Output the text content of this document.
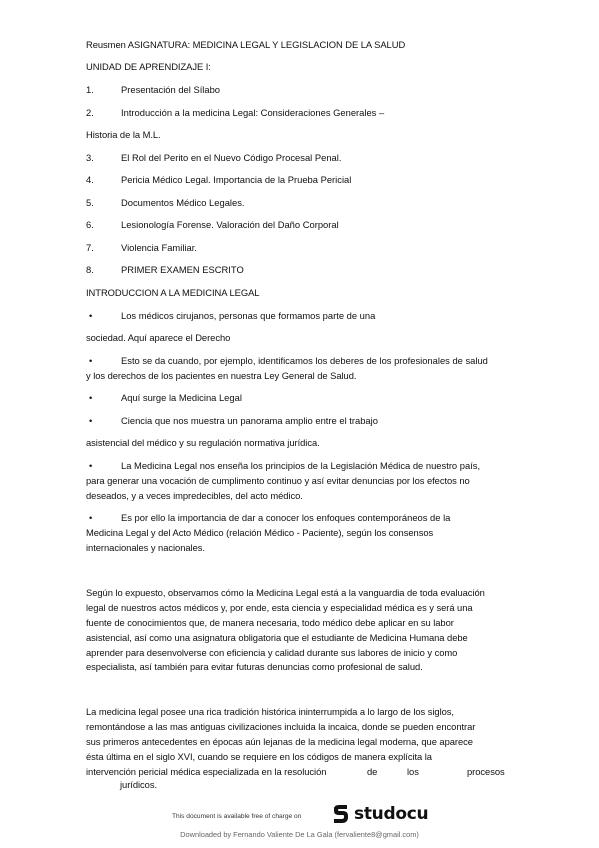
Reusmen ASIGNATURA: MEDICINA LEGAL Y LEGISLACION DE LA SALUD
UNIDAD DE APRENDIZAJE I:
1.	Presentación del Sílabo
2.	Introducción a la medicina Legal: Consideraciones Generales –
Historia de la M.L.
3.	El Rol del Perito en el Nuevo Código Procesal Penal.
4.	Pericia Médico Legal. Importancia de la Prueba Pericial
5.	Documentos Médico Legales.
6.	Lesionología Forense. Valoración del Daño Corporal
7.	Violencia Familiar.
8.	PRIMER EXAMEN ESCRITO
INTRODUCCION A LA MEDICINA LEGAL
•	Los médicos cirujanos, personas que formamos parte de una
sociedad. Aquí aparece el Derecho
•	Esto se da cuando, por ejemplo, identificamos los deberes de los profesionales de salud
y los derechos de los pacientes en nuestra Ley General de Salud.
•	Aquí surge la Medicina Legal
•	Ciencia que nos muestra un panorama amplio entre el trabajo
asistencial del médico y su regulación normativa jurídica.
•	La Medicina Legal nos enseña los principios de la Legislación Médica de nuestro país,
para generar una vocación de cumplimento continuo y así evitar denuncias por los efectos no
deseados, y a veces impredecibles, del acto médico.
•	Es por ello la importancia de dar a conocer los enfoques contemporáneos de la
Medicina Legal y del Acto Médico (relación Médico - Paciente), según los consensos
internacionales y nacionales.
Según lo expuesto, observamos cómo la Medicina Legal está a la vanguardia de toda evaluación
legal de nuestros actos médicos y, por ende, esta ciencia y especialidad médica es y será una
fuente de conocimientos que, de manera necesaria, todo médico debe aplicar en su labor
asistencial, así como una asignatura obligatoria que el estudiante de Medicina Humana debe
aprender para desenvolverse con eficiencia y calidad durante sus labores de inicio y como
especialista, así también para evitar futuras denuncias como profesional de salud.
La medicina legal posee una rica tradición histórica ininterrumpida a lo largo de los siglos,
remontándose a las mas antiguas civilizaciones incluida la incaica, donde se pueden encontrar
sus primeros antecedentes en épocas aún lejanas de la medicina legal moderna, que aparece
ésta última en el siglo XVI, cuando se requiere en los códigos de manera explícita la
intervención pericial médica especializada en la resolución	de	los	procesos
jurídicos.
This document is available free of charge on	studocu
Downloaded by Fernando Valiente De La Gala (fervaliente8@gmail.com)
